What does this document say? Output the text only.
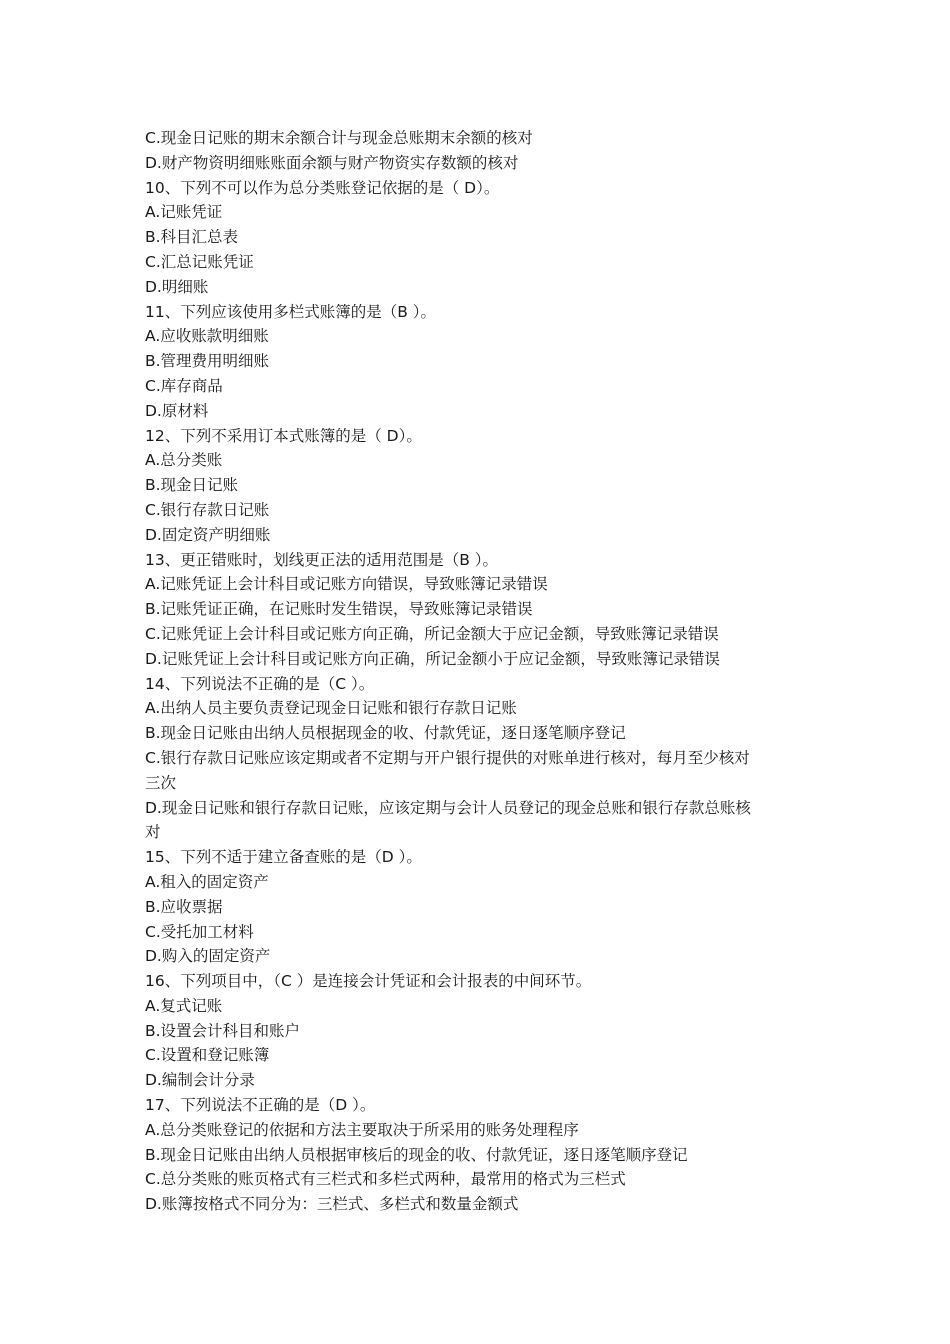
C.现金日记账的期末余额合计与现金总账期末余额的核对
D.财产物资明细账账面余额与财产物资实存数额的核对
10、下列不可以作为总分类账登记依据的是（ D）。
A.记账凭证
B.科目汇总表
C.汇总记账凭证
D.明细账
11、下列应该使用多栏式账簿的是（B ）。
A.应收账款明细账
B.管理费用明细账
C.库存商品
D.原材料
12、下列不采用订本式账簿的是（ D）。
A.总分类账
B.现金日记账
C.银行存款日记账
D.固定资产明细账
13、更正错账时，划线更正法的适用范围是（B ）。
A.记账凭证上会计科目或记账方向错误，导致账簿记录错误
B.记账凭证正确，在记账时发生错误，导致账簿记录错误
C.记账凭证上会计科目或记账方向正确，所记金额大于应记金额，导致账簿记录错误
D.记账凭证上会计科目或记账方向正确，所记金额小于应记金额，导致账簿记录错误
14、下列说法不正确的是（C ）。
A.出纳人员主要负责登记现金日记账和银行存款日记账
B.现金日记账由出纳人员根据现金的收、付款凭证，逐日逐笔顺序登记
C.银行存款日记账应该定期或者不定期与开户银行提供的对账单进行核对，每月至少核对
三次
D.现金日记账和银行存款日记账，应该定期与会计人员登记的现金总账和银行存款总账核
对
15、下列不适于建立备查账的是（D ）。
A.租入的固定资产
B.应收票据
C.受托加工材料
D.购入的固定资产
16、下列项目中，（C ）是连接会计凭证和会计报表的中间环节。
A.复式记账
B.设置会计科目和账户
C.设置和登记账簿
D.编制会计分录
17、下列说法不正确的是（D ）。
A.总分类账登记的依据和方法主要取决于所采用的账务处理程序
B.现金日记账由出纳人员根据审核后的现金的收、付款凭证，逐日逐笔顺序登记
C.总分类账的账页格式有三栏式和多栏式两种，最常用的格式为三栏式
D.账簿按格式不同分为：三栏式、多栏式和数量金额式
